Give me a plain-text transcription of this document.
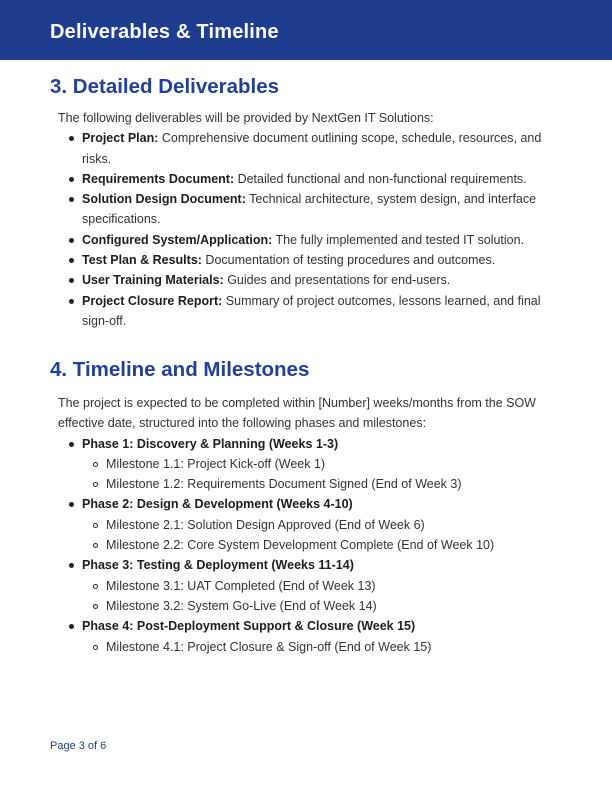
Deliverables & Timeline
3. Detailed Deliverables

The following deliverables will be provided by NextGen IT Solutions:

Project Plan: Comprehensive document outlining scope, schedule, resources, and risks.
Requirements Document: Detailed functional and non-functional requirements.
Solution Design Document: Technical architecture, system design, and interface specifications.
Configured System/Application: The fully implemented and tested IT solution.
Test Plan & Results: Documentation of testing procedures and outcomes.
User Training Materials: Guides and presentations for end-users.
Project Closure Report: Summary of project outcomes, lessons learned, and final sign-off.
4. Timeline and Milestones

The project is expected to be completed within [Number] weeks/months from the SOW effective date, structured into the following phases and milestones:

Phase 1: Discovery & Planning (Weeks 1-3)
Milestone 1.1: Project Kick-off (Week 1)
Milestone 1.2: Requirements Document Signed (End of Week 3)
Phase 2: Design & Development (Weeks 4-10)
Milestone 2.1: Solution Design Approved (End of Week 6)
Milestone 2.2: Core System Development Complete (End of Week 10)
Phase 3: Testing & Deployment (Weeks 11-14)
Milestone 3.1: UAT Completed (End of Week 13)
Milestone 3.2: System Go-Live (End of Week 14)
Phase 4: Post-Deployment Support & Closure (Week 15)
Milestone 4.1: Project Closure & Sign-off (End of Week 15)

Page 3 of 6
